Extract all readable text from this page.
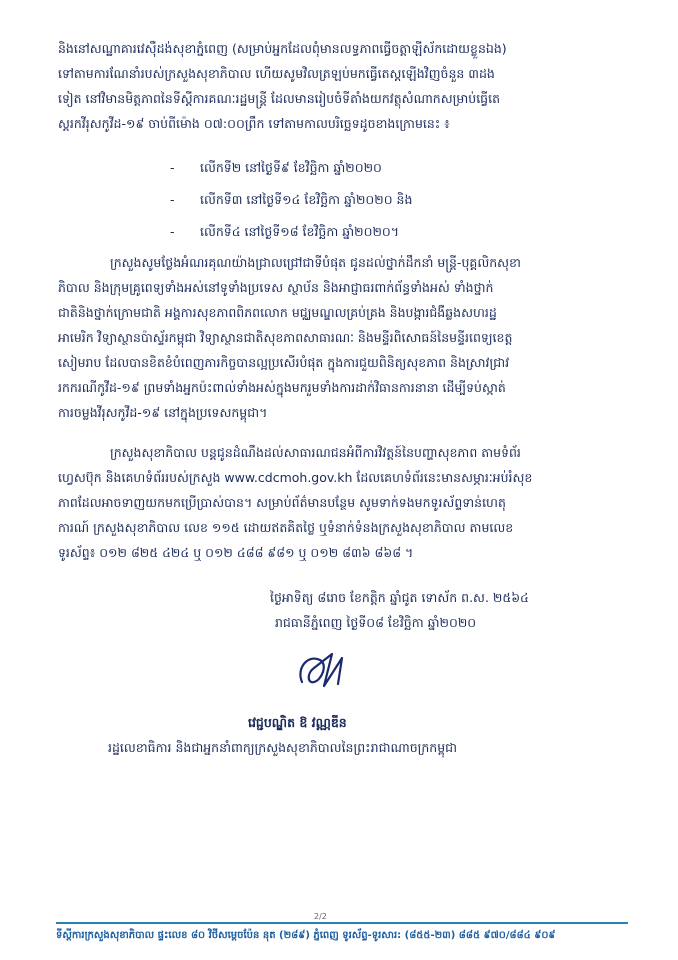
និងនៅសណ្ឋាគារវេស៊ឺដង់សុខាភ្នំពេញ (សម្រាប់អ្នកដែលពុំមានលទ្ធភាពធ្វើចត្តាឡីស័កដោយខ្លួនឯង)
ទៅតាមការណែនាំរបស់ក្រសួងសុខាភិបាល ហើយសូមវិលត្រឡប់មកធ្វើតេស្តឡើងវិញចំនួន ៣ដង
ទៀត នៅវិមានមិត្តភាពនៃទីស្ដីការគណៈរដ្ឋមន្ត្រី ដែលមានរៀបចំទីតាំងយកវត្ថុសំណាកសម្រាប់ធ្វើតេ
ស្តរកវីរុសកូវីដ-១៩ ចាប់ពីម៉ោង ០៧:០០ព្រឹក ទៅតាមកាលបរិច្ឆេទដូចខាងក្រោមនេះ ៖
- លើកទី២ នៅថ្ងៃទី៩ ខែវិច្ឆិកា ឆ្នាំ២០២០
- លើកទី៣ នៅថ្ងៃទី១៤ ខែវិច្ឆិកា ឆ្នាំ២០២០ និង
- លើកទី៤ នៅថ្ងៃទី១៨ ខែវិច្ឆិកា ឆ្នាំ២០២០។
ក្រសួងសូមថ្លែងអំណរគុណយ៉ាងជ្រាលជ្រៅជាទីបំផុត ជូនដល់ថ្នាក់ដឹកនាំ មន្ត្រី-បុគ្គលិកសុខា
ភិបាល និងក្រុមគ្រូពេទ្យទាំងអស់នៅទូទាំងប្រទេស ស្ថាប័ន និងអាជ្ញាធរពាក់ព័ន្ធទាំងអស់ ទាំងថ្នាក់
ជាតិនិងថ្នាក់ក្រោមជាតិ អង្គការសុខភាពពិភពលោក មជ្ឈមណ្ឌលគ្រប់គ្រង និងបង្ការជំងឺឆ្លងសហរដ្ឋ
អាមេរិក វិទ្យាស្ថានប៉ាស្ទ័រកម្ពុជា វិទ្យាស្ថានជាតិសុខភាពសាធារណៈ និងមន្ទីរពិសោធន៍នៃមន្ទីរពេទ្យខេត្ត
សៀមរាប ដែលបានខិតខំបំពេញភារកិច្ចបានល្អប្រសើរបំផុត ក្នុងការជួយពិនិត្យសុខភាព និងស្រាវជ្រាវ
រកករណីកូវីដ-១៩ ព្រមទាំងអ្នកប៉ះពាល់ទាំងអស់ក្នុងមករួមទាំងការដាក់វិធានការនានា ដើម្បីទប់ស្កាត់
ការចម្លងវីរុសកូវីដ-១៩ នៅក្នុងប្រទេសកម្ពុជា។
ក្រសួងសុខាភិបាល បន្តជូនដំណឹងដល់សាធារណជនអំពីការវិវត្តន៍នៃបញ្ហាសុខភាព តាមទំព័រ
ហ្វេសប៊ុក និងគេហទំព័ររបស់ក្រសួង www.cdcmoh.gov.kh ដែលគេហទំព័រនេះមានសម្ភារៈអប់រំសុខ
ភាពដែលអាចទាញយកមកប្រើប្រាស់បាន។ សម្រាប់ព័ត៌មានបន្ថែម សូមទាក់ទងមកទូរស័ព្ទទាន់ហេតុ
ការណ៍ ក្រសួងសុខាភិបាល លេខ ១១៥ ដោយឥតគិតថ្លៃ ឬទំនាក់ទំនងក្រសួងសុខាភិបាល តាមលេខ
ទូរស័ព្ទ៖ ០១២ ៨២៥ ៤២៤ ឬ ០១២ ៤៨៨ ៩៨១ ឬ ០១២ ៨៣៦ ៨៦៨ ។
ថ្ងៃអាទិត្យ ៨រោច ខែកត្តិក ឆ្នាំជូត ទោស័ក ព.ស. ២៥៦៤
រាជធានីភ្នំពេញ ថ្ងៃទី០៨ ខែវិច្ឆិកា ឆ្នាំ២០២០
វេជ្ជបណ្ឌិត ឱ វណ្ណឌីន
រដ្ឋលេខាធិការ និងជាអ្នកនាំពាក្យក្រសួងសុខាភិបាលនៃព្រះរាជាណាចក្រកម្ពុជា
2/2
ទីស្ដីការក្រសួងសុខាភិបាល ផ្ទះលេខ ៨០ វិថីសម្ដេចប៉ែន នុត (២៨៩) ភ្នំពេញ ទូរស័ព្ទ-ទូរសារ: (៨៥៥-២៣) ៨៨៥ ៩៧០/៨៨៤ ៩០៩
